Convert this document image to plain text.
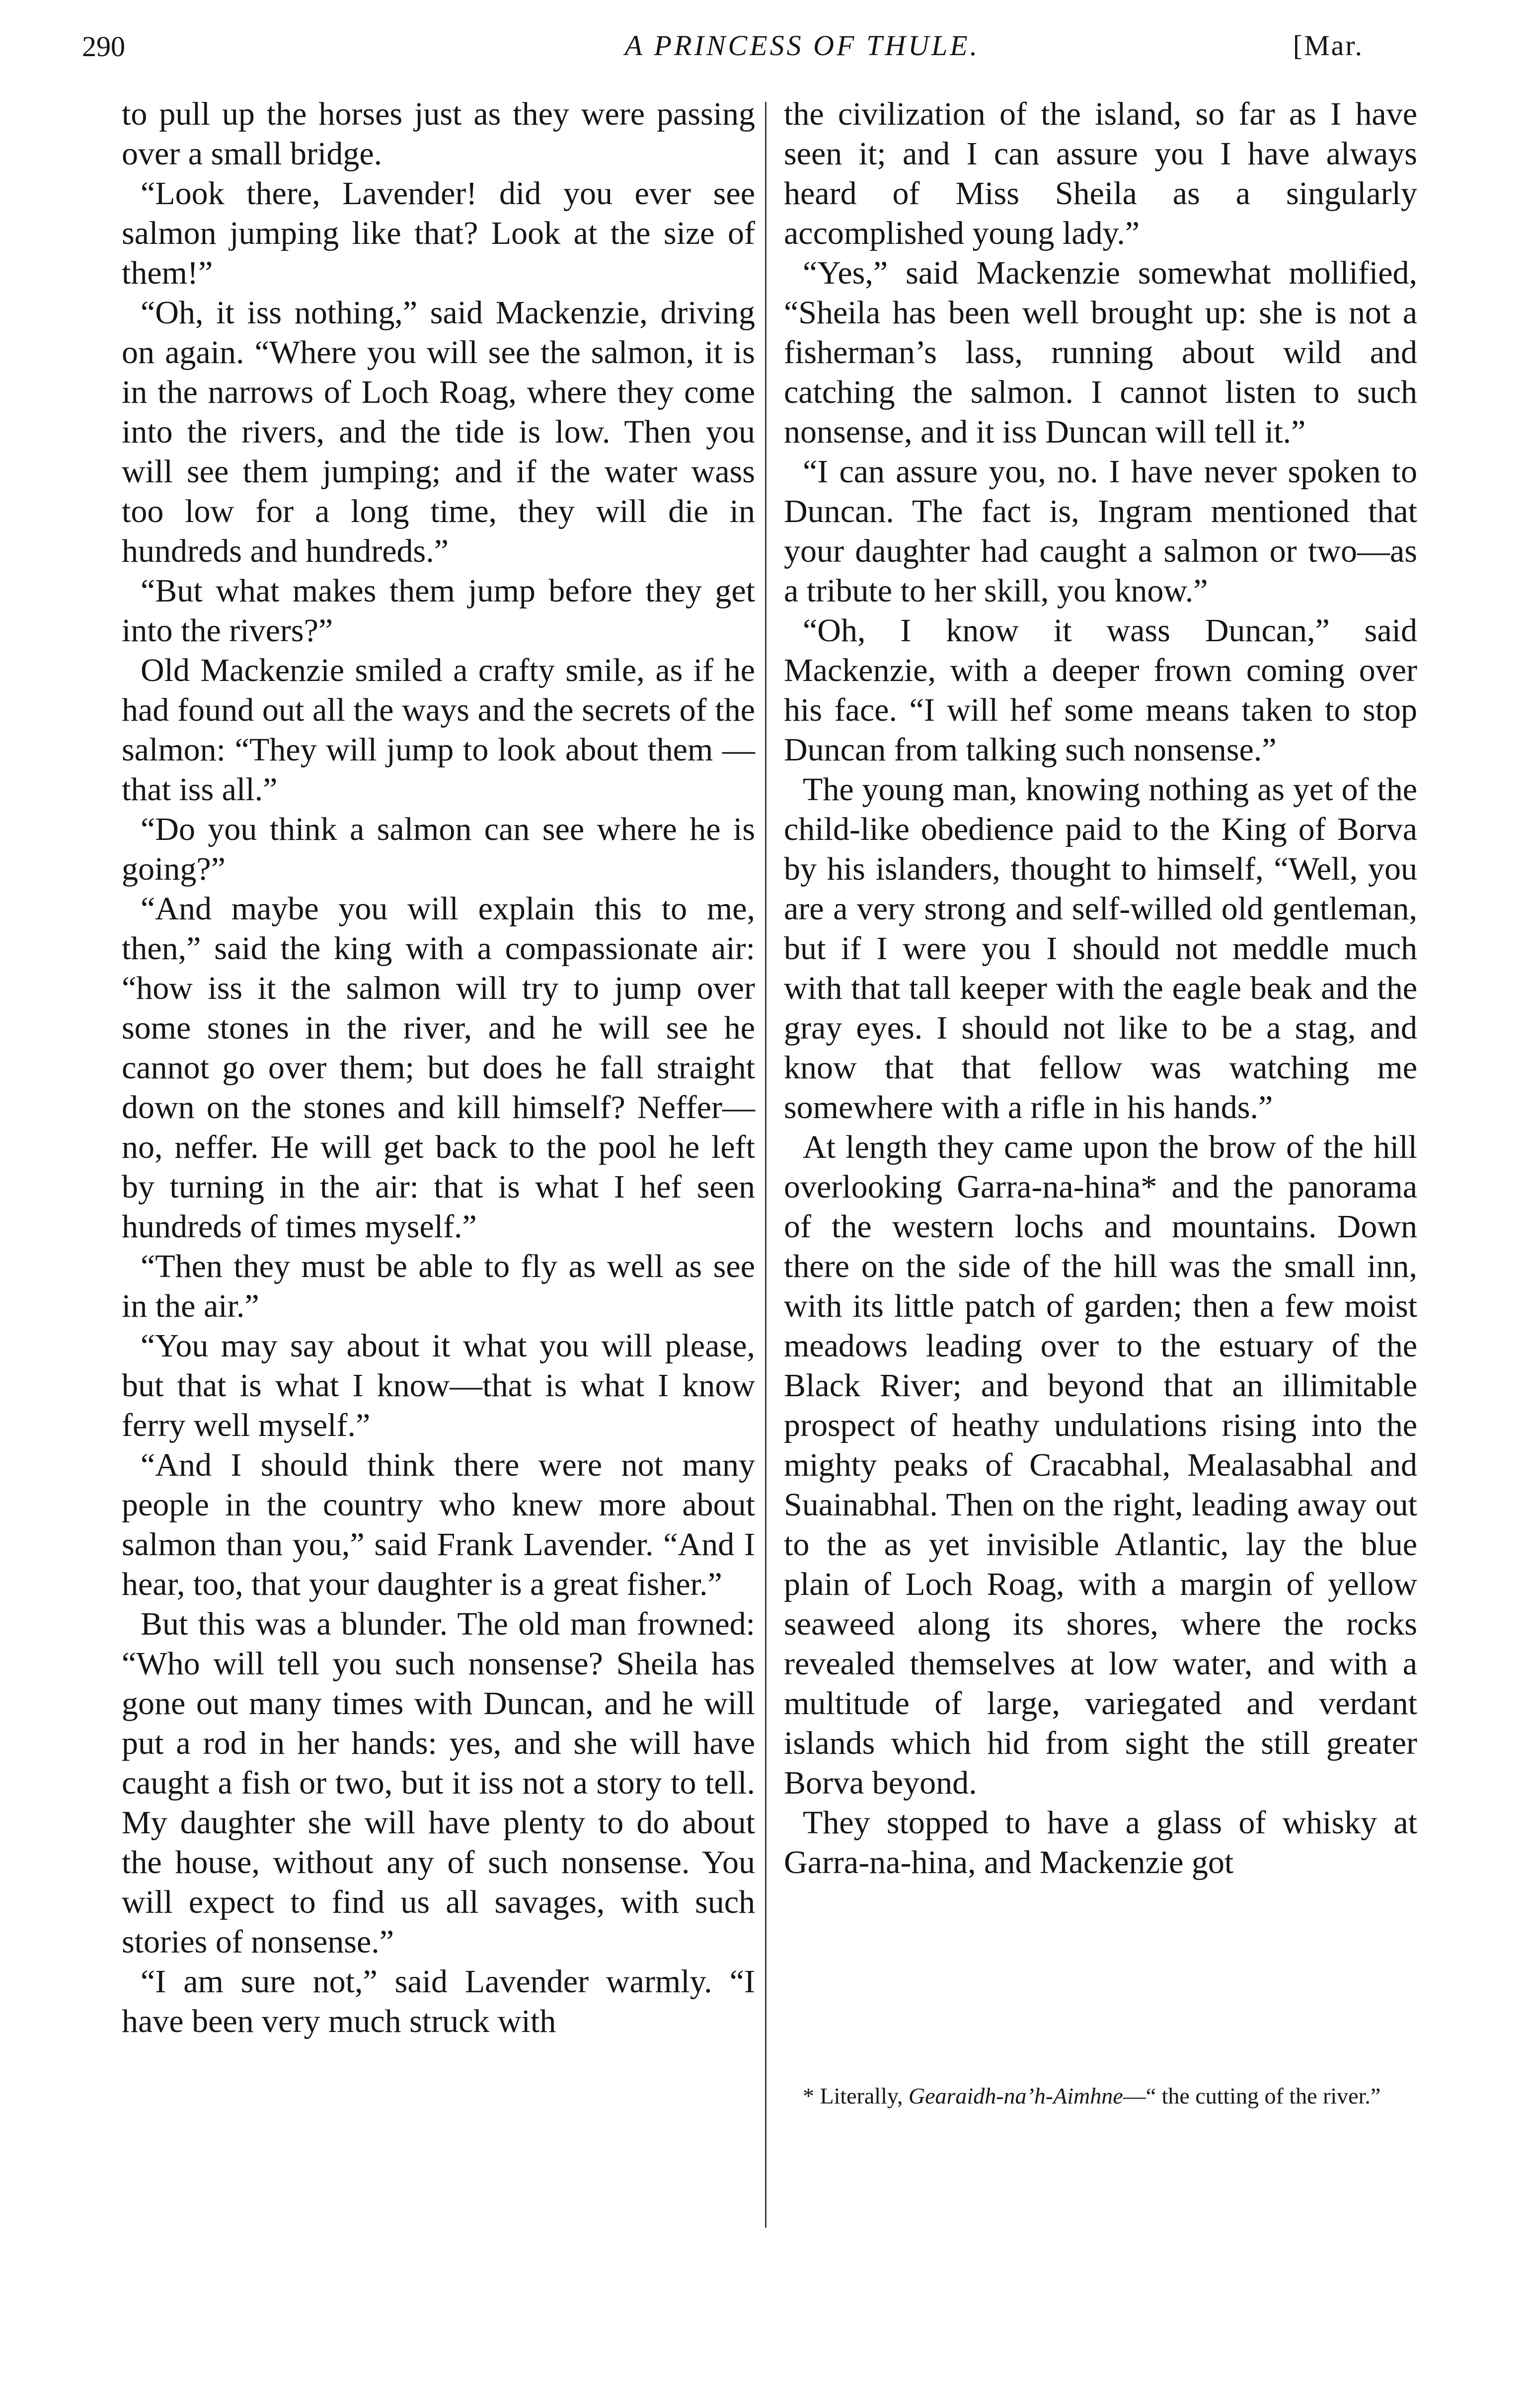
290	A PRINCESS OF THULE.	[Mar.

to pull up the horses just as they were passing over a small bridge.

“Look there, Lavender! did you ever see salmon jumping like that? Look at the size of them!”

“Oh, it iss nothing,” said Mackenzie, driving on again. “Where you will see the salmon, it is in the narrows of Loch Roag, where they come into the rivers, and the tide is low. Then you will see them jumping; and if the water wass too low for a long time, they will die in hundreds and hundreds.”

“But what makes them jump before they get into the rivers?”

Old Mackenzie smiled a crafty smile, as if he had found out all the ways and the secrets of the salmon: “They will jump to look about them — that iss all.”

“Do you think a salmon can see where he is going?”

“And maybe you will explain this to me, then,” said the king with a compassionate air: “how iss it the salmon will try to jump over some stones in the river, and he will see he cannot go over them; but does he fall straight down on the stones and kill himself? Neffer—no, neffer. He will get back to the pool he left by turning in the air: that is what I hef seen hundreds of times myself.”

“Then they must be able to fly as well as see in the air.”

“You may say about it what you will please, but that is what I know—that is what I know ferry well myself.”

“And I should think there were not many people in the country who knew more about salmon than you,” said Frank Lavender. “And I hear, too, that your daughter is a great fisher.”

But this was a blunder. The old man frowned: “Who will tell you such nonsense? Sheila has gone out many times with Duncan, and he will put a rod in her hands: yes, and she will have caught a fish or two, but it iss not a story to tell. My daughter she will have plenty to do about the house, without any of such nonsense. You will expect to find us all savages, with such stories of nonsense.”

“I am sure not,” said Lavender warmly. “I have been very much struck with

the civilization of the island, so far as I have seen it; and I can assure you I have always heard of Miss Sheila as a singularly accomplished young lady.”

“Yes,” said Mackenzie somewhat mollified, “Sheila has been well brought up: she is not a fisherman’s lass, running about wild and catching the salmon. I cannot listen to such nonsense, and it iss Duncan will tell it.”

“I can assure you, no. I have never spoken to Duncan. The fact is, Ingram mentioned that your daughter had caught a salmon or two—as a tribute to her skill, you know.”

“Oh, I know it wass Duncan,” said Mackenzie, with a deeper frown coming over his face. “I will hef some means taken to stop Duncan from talking such nonsense.”

The young man, knowing nothing as yet of the child-like obedience paid to the King of Borva by his islanders, thought to himself, “Well, you are a very strong and self-willed old gentleman, but if I were you I should not meddle much with that tall keeper with the eagle beak and the gray eyes. I should not like to be a stag, and know that that fellow was watching me somewhere with a rifle in his hands.”

At length they came upon the brow of the hill overlooking Garra-na-hina* and the panorama of the western lochs and mountains. Down there on the side of the hill was the small inn, with its little patch of garden; then a few moist meadows leading over to the estuary of the Black River; and beyond that an illimitable prospect of heathy undulations rising into the mighty peaks of Cracabhal, Mealasabhal and Suainabhal. Then on the right, leading away out to the as yet invisible Atlantic, lay the blue plain of Loch Roag, with a margin of yellow seaweed along its shores, where the rocks revealed themselves at low water, and with a multitude of large, variegated and verdant islands which hid from sight the still greater Borva beyond.

They stopped to have a glass of whisky at Garra-na-hina, and Mackenzie got

* Literally, Gearaidh-na’h-Aimhne—“ the cutting of the river.”
